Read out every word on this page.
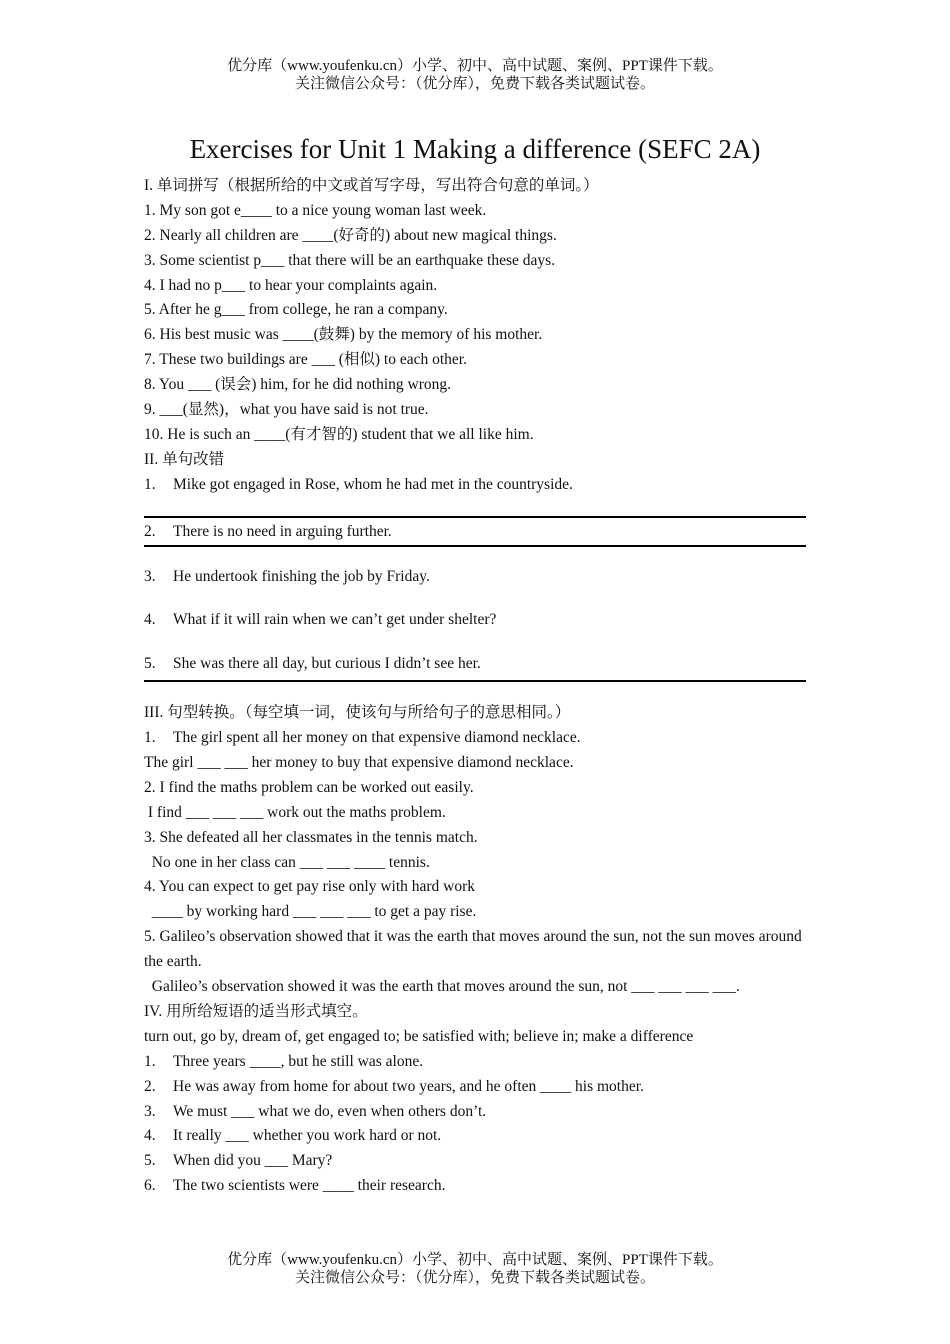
优分库（www.youfenku.cn）小学、初中、高中试题、案例、PPT课件下载。
关注微信公众号：（优分库），免费下载各类试题试卷。
Exercises for Unit 1 Making a difference (SEFC 2A)
I. 单词拼写（根据所给的中文或首写字母，写出符合句意的单词。）
1. My son got e____ to a nice young woman last week.
2. Nearly all children are ____(好奇的) about new magical things.
3. Some scientist p___ that there will be an earthquake these days.
4. I had no p___ to hear your complaints again.
5. After he g___ from college, he ran a company.
6. His best music was ____(鼓舞) by the memory of his mother.
7. These two buildings are ___ (相似) to each other.
8. You ___ (误会) him, for he did nothing wrong.
9. ___(显然)，what you have said is not true.
10. He is such an ____(有才智的) student that we all like him.
II. 单句改错
1. Mike got engaged in Rose, whom he had met in the countryside.
2. There is no need in arguing further.
3. He undertook finishing the job by Friday.
4. What if it will rain when we can’t get under shelter?
5. She was there all day, but curious I didn’t see her.
III. 句型转换。（每空填一词，使该句与所给句子的意思相同。）
1. The girl spent all her money on that expensive diamond necklace.
The girl ___ ___ her money to buy that expensive diamond necklace.
2. I find the maths problem can be worked out easily.
I find ___ ___ ___ work out the maths problem.
3. She defeated all her classmates in the tennis match.
No one in her class can ___ ___ ____ tennis.
4. You can expect to get pay rise only with hard work
____ by working hard ___ ___ ___ to get a pay rise.
5. Galileo’s observation showed that it was the earth that moves around the sun, not the sun moves around the earth.
Galileo’s observation showed it was the earth that moves around the sun, not ___ ___ ___ ___.
IV. 用所给短语的适当形式填空。
turn out, go by, dream of, get engaged to; be satisfied with; believe in; make a difference
1. Three years ____, but he still was alone.
2. He was away from home for about two years, and he often ____ his mother.
3. We must ___ what we do, even when others don’t.
4. It really ___ whether you work hard or not.
5. When did you ___ Mary?
6. The two scientists were ____ their research.
优分库（www.youfenku.cn）小学、初中、高中试题、案例、PPT课件下载。
关注微信公众号：（优分库），免费下载各类试题试卷。
